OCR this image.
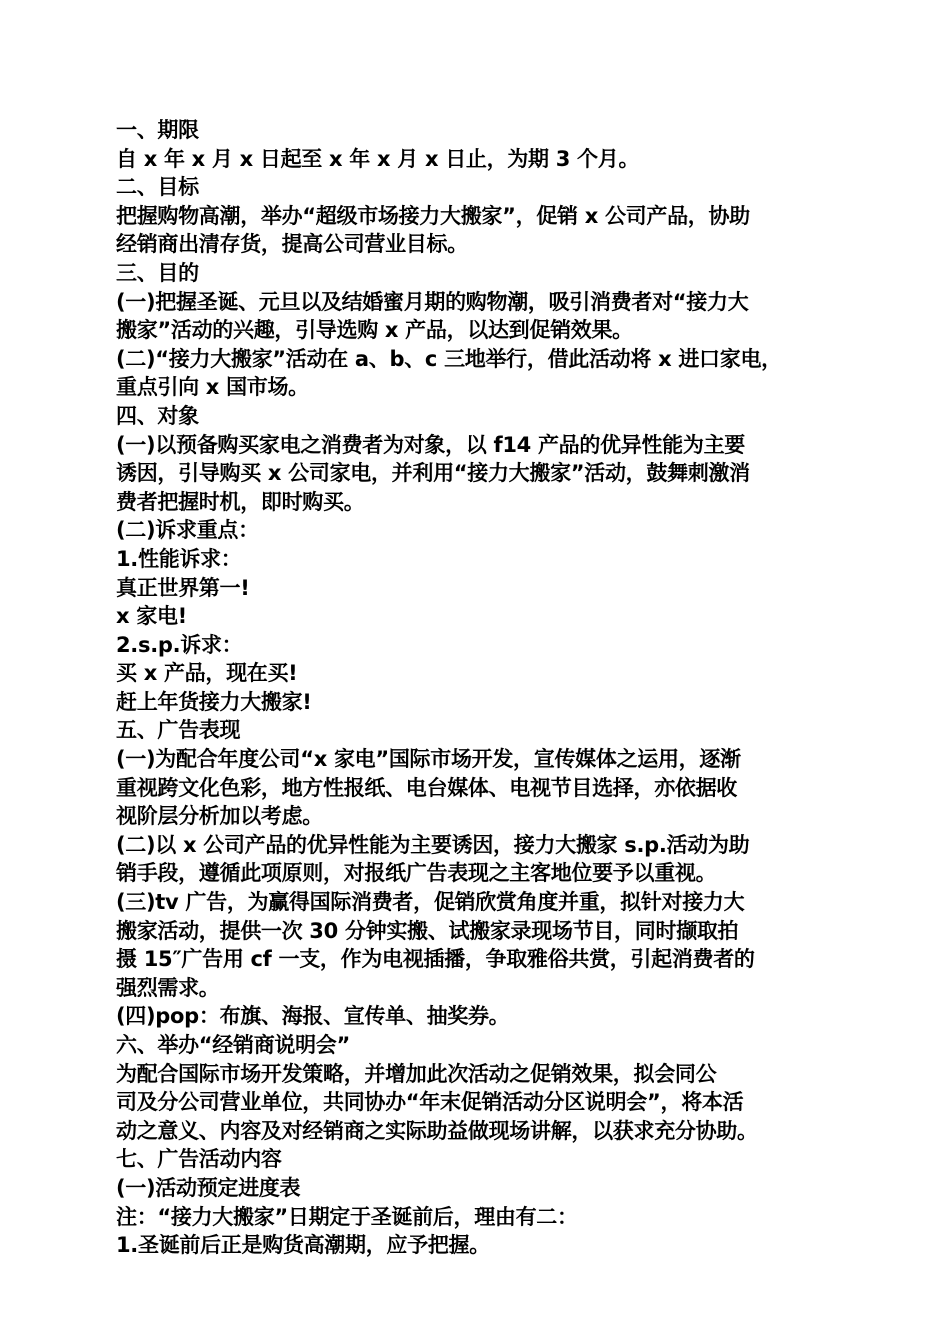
一、期限
自 x 年 x 月 x 日起至 x 年 x 月 x 日止，为期 3 个月。
二、目标
把握购物高潮，举办“超级市场接力大搬家”，促销 x 公司产品，协助
经销商出清存货，提高公司营业目标。
三、目的
(一)把握圣诞、元旦以及结婚蜜月期的购物潮，吸引消费者对“接力大
搬家”活动的兴趣，引导选购 x 产品，以达到促销效果。
(二)“接力大搬家”活动在 a、b、c 三地举行，借此活动将 x 进口家电，
重点引向 x 国市场。
四、对象
(一)以预备购买家电之消费者为对象，以 f14 产品的优异性能为主要
诱因，引导购买 x 公司家电，并利用“接力大搬家”活动，鼓舞刺激消
费者把握时机，即时购买。
(二)诉求重点：
1.性能诉求：
真正世界第一!
x 家电!
2.s.p.诉求：
买 x 产品，现在买!
赶上年货接力大搬家!
五、广告表现
(一)为配合年度公司“x 家电”国际市场开发，宣传媒体之运用，逐渐
重视跨文化色彩，地方性报纸、电台媒体、电视节目选择，亦依据收
视阶层分析加以考虑。
(二)以 x 公司产品的优异性能为主要诱因，接力大搬家 s.p.活动为助
销手段，遵循此项原则，对报纸广告表现之主客地位要予以重视。
(三)tv 广告，为赢得国际消费者，促销欣赏角度并重，拟针对接力大
搬家活动，提供一次 30 分钟实搬、试搬家录现场节目，同时撷取拍
摄 15″广告用 cf 一支，作为电视插播，争取雅俗共赏，引起消费者的
强烈需求。
(四)pop：布旗、海报、宣传单、抽奖券。
六、举办“经销商说明会”
为配合国际市场开发策略，并增加此次活动之促销效果，拟会同公
司及分公司营业单位，共同协办“年末促销活动分区说明会”，将本活
动之意义、内容及对经销商之实际助益做现场讲解，以获求充分协助。
七、广告活动内容
(一)活动预定进度表
注：“接力大搬家”日期定于圣诞前后，理由有二：
1.圣诞前后正是购货高潮期，应予把握。
